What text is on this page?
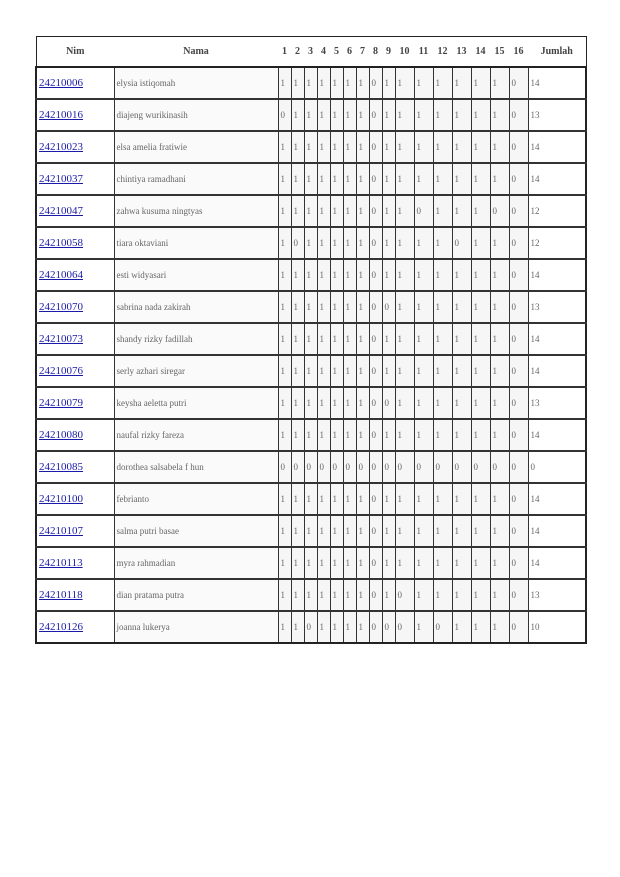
Nim	Nama	1	2	3	4	5	6	7	8	9	10	11	12	13	14	15	16	Jumlah
24210006	elysia istiqomah	1	1	1	1	1	1	1	0	1	1	1	1	1	1	1	0	14
24210016	diajeng wurikinasih	0	1	1	1	1	1	1	0	1	1	1	1	1	1	1	0	13
24210023	elsa amelia fratiwie	1	1	1	1	1	1	1	0	1	1	1	1	1	1	1	0	14
24210037	chintiya ramadhani	1	1	1	1	1	1	1	0	1	1	1	1	1	1	1	0	14
24210047	zahwa kusuma ningtyas	1	1	1	1	1	1	1	0	1	1	0	1	1	1	0	0	12
24210058	tiara oktaviani	1	0	1	1	1	1	1	0	1	1	1	1	0	1	1	0	12
24210064	esti widyasari	1	1	1	1	1	1	1	0	1	1	1	1	1	1	1	0	14
24210070	sabrina nada zakirah	1	1	1	1	1	1	1	0	0	1	1	1	1	1	1	0	13
24210073	shandy rizky fadillah	1	1	1	1	1	1	1	0	1	1	1	1	1	1	1	0	14
24210076	serly azhari siregar	1	1	1	1	1	1	1	0	1	1	1	1	1	1	1	0	14
24210079	keysha aeletta putri	1	1	1	1	1	1	1	0	0	1	1	1	1	1	1	0	13
24210080	naufal rizky fareza	1	1	1	1	1	1	1	0	1	1	1	1	1	1	1	0	14
24210085	dorothea salsabela f hun	0	0	0	0	0	0	0	0	0	0	0	0	0	0	0	0	0
24210100	febrianto	1	1	1	1	1	1	1	0	1	1	1	1	1	1	1	0	14
24210107	salma putri basae	1	1	1	1	1	1	1	0	1	1	1	1	1	1	1	0	14
24210113	myra rahmadian	1	1	1	1	1	1	1	0	1	1	1	1	1	1	1	0	14
24210118	dian pratama putra	1	1	1	1	1	1	1	0	1	0	1	1	1	1	1	0	13
24210126	joanna lukerya	1	1	0	1	1	1	1	0	0	0	1	0	1	1	1	0	10
